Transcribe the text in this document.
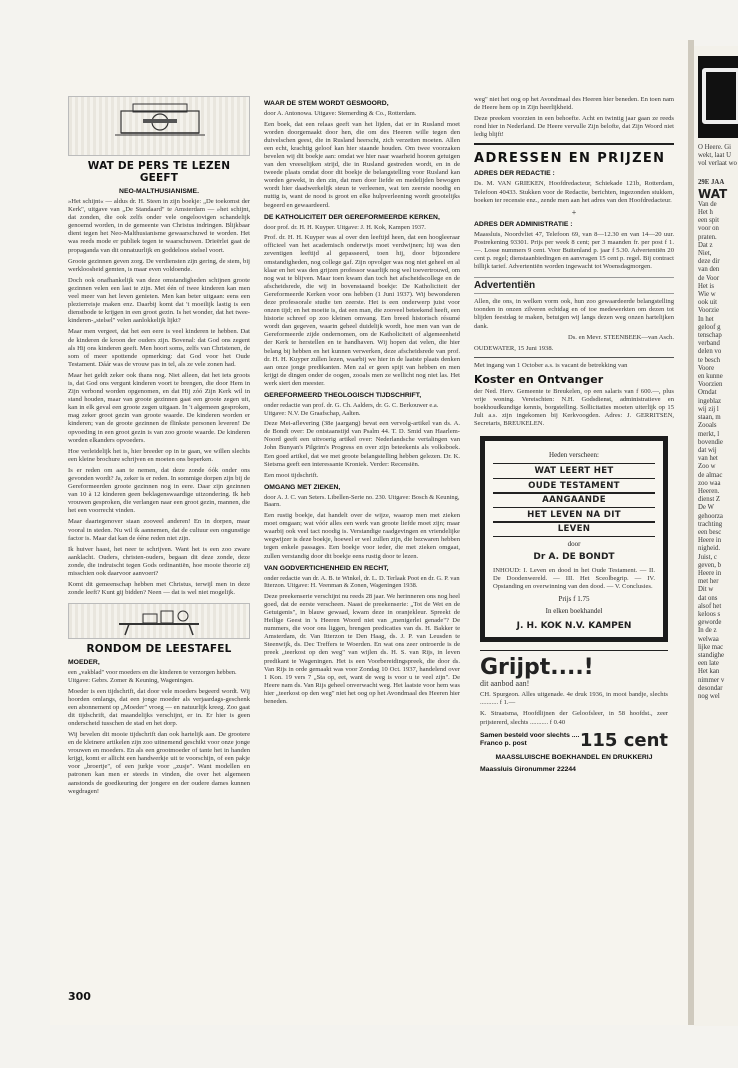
WAT DE PERS TE LEZEN GEEFT
NEO-MALTHUSIANISME.

»Het schijnt« — aldus dr. H. Steen in zijn boekje: „De toekomst der Kerk", uitgave van „De Standaard" te Amsterdam — »het schijnt, dat zonden, die ook zelfs onder vele ongeloovigen schandelijk genoemd worden, in de gemeente van Christus indringen. Blijkbaar dient tegen het Neo-Malthusianisme gewaarschuwd te worden. Het was reeds mode er publiek tegen te waarschuwen. Drieërlei gaat de propaganda van dit onnatuurlijk en goddeloos stelsel voort.

Groote gezinnen geven zorg. De verdiensten zijn gering, de stem, bij werkloosheid gemten, is maar even voldoende.

Doch ook onafhankelijk van deze omstandigheden schijnen groote gezinnen velen een last te zijn. Met één of twee kinderen kan men veel meer van het leven genieten. Men kan beter uitgaan: eens een plezierreisje maken enz. Daarbij komt dat 't moeilijk lastig is een dienstbode te krijgen in een groot gezin. Is het wonder, dat het twee-kinderen-„stelsel" velen aanlokkelijk lijkt?

Maar men vergeet, dat het een eere is veel kinderen te hebben. Dat de kinderen de kroon der ouders zijn. Bovenal: dat God ons zegent als Hij ons kinderen geeft. Men hoort soms, zelfs van Christenen, de som of meer spottende opmerking: dat God voor het Oude Testament. Dáár was de vrouw pas in tel, als ze vele zonen had.

Maar het geldt zeker ook thans nog. Niet alleen, dat het iets groots is, dat God ons vergunt kinderen voort te brengen, die door Hem in Zijn verbond worden opgenomen, en dat Hij zóó Zijn Kerk wil in stand houden, maar van groote gezinnen gaat een groote zegen uit, kan in elk geval een groote zegen uitgaan. In 't algemeen gesproken, mag zeker groot gezin van groote waarde. De kinderen worden er kinderen; van de groote gezinnen de flinkste personen leveren! De opvoeding in een groot gezin is van zoo groote waarde. De kinderen worden elkanders opvoeders.

Hoe verleidelijk het is, hier breeder op in te gaan, we willen slechts een kleine brochure schrijven en moeten ons beperken.

Is er reden om aan te nemen, dat deze zonde óók onder ons gevonden wordt? Ja, zeker is er reden. In sommige dorpen zijn bij de Gereformeerden groote gezinnen nog in eere. Daar zijn gezinnen van 10 à 12 kinderen geen beklagenswaardige uitzondering. Ik heb vrouwen gesproken, die verlangen naar een groot gezin, mannen, die het een voorrecht vinden.

Maar daartegenover staan zooveel anderen! En in dorpen, maar vooral in steden. Nu wil ik aannemen, dat de cultuur een ongunstige factor is. Maar dat kan de ééne reden niet zijn.

Ik huiver haast, het neer te schrijven. Want het is een zoo zware aanklacht. Ouders, christen-ouders, begaan dit deze zonde, deze zonde, die indruischt tegen Gods ordinantiën, hoe mooie theorie zij misschien ook daarvoor aanvoert?

Komt dit gemeenschap hebben met Christus, terwijl men in deze zonde leeft? Kunt gij bidden? Neen — dat is wel niet mogelijk.

RONDOM DE LEESTAFEL
MOEDER,

een „vakblad" voor moeders en die kinderen te verzorgen hebben. Uitgave: Gebrs. Zomer & Keuning, Wageningen.

Moeder is een tijdschrift, dat door vele moeders begeerd wordt. Wij hoorden omlangs, dat een jonge moeder als verjaardags-geschenk een abonnement op „Moeder" vroeg — en natuurlijk kreeg. Zoo gaat dit tijdschrift, dat maandelijks verschijnt, er in. Er hier is geen onderscheid tusschen de stad en het dorp.

Wij bevelen dit mooie tijdschrift dan ook hartelijk aan. De grootere en de kleinere artikelen zijn zoo uitnemend geschikt voor onze jonge vrouwen en moeders. En als een grootmoeder of tante het in handen krijgt, komt er allicht een handwerkje uit te voorschijn, of een pakje voor „broertje", of een jurkje voor „zusje". Want modellen en patronen kan men er steeds in vinden, die over het algemeen aanstonds de goedkeuring der jongere en der oudere dames kunnen wegdragen!

WAAR DE STEM WORDT GESMOORD,

door A. Antonowa. Uitgave: Stemerding & Co., Rotterdam.

Een boek, dat een relaas geeft van het lijden, dat er in Rusland moet worden doorgemaakt door hen, die om des Heeren wille tegen den duivelschen geest, die in Rusland heerscht, zich verzetten moeten. Allen een echt, krachtig geloof kan hier staande houden. Om twee voorzaken bevelen wij dit boekje aan: omdat we hier naar waarheid hooren getuigen van den vreeselijken strijd, die in Rusland gestreden wordt, en in de tweede plaats omdat door dit boekje de belangstelling voor Rusland kan worden gewekt, in den zin, dat men door liefde en medelijden bewogen wordt hier daadwerkelijk steun te verleenen, wat ten zeerste noodig en nuttig is, want de nood is groot en elke hulpverleening wordt grootelijks begeerd en gewaardeerd.

DE KATHOLICITEIT DER GEREFORMEERDE KERKEN,

door prof. dr. H. H. Kuyper. Uitgave: J. H. Kok, Kampen 1937.

Prof. dr. H. H. Kuyper was al over den leeftijd heen, dat een hoogleeraar officieel van het academisch onderwijs moet verdwijnen; hij was den zeventigen leeftijd al gepasseerd, toen hij, door bijzondere omstandigheden, nog college gaf. Zijn opvolger was nog niet geheel en al klaar en het was den grijzen professor waarlijk nog wel toevertrouwd, om nog wat te blijven. Maar toen kwam dan toch het afscheidscollege en de afscheidsrede, die wij in bovenstaand boekje: De Katholiciteit der Gereformeerde Kerken voor ons hebben (1 Juni 1937). Wij bewonderen deze professorale studie ten zeerste. Het is een onderwerp juist voor onzen tijd; en het moeite is, dat een man, die zooveel beteekend heeft, een historie schreef op zoo kleinen omvang. Een breed historisch résumé wordt dan gegeven, waarin geheel duidelijk wordt, hoe men van van de Gereformeerde zijde ondernomen, om de Katholiciteit of algemeenheid der Kerk te herstellen en te handhaven. Wij hopen dat velen, die hier belang bij hebben en het kunnen verwerken, deze afscheidsrede van prof. dr. H. H. Kuyper zullen lezen, waarbij we hier in de laatste plaats denken aan onze jonge predikanten. Men zal er geen spijt van hebben en men krijgt de dingen onder de oogen, zooals men ze wellicht nog niet las. Het werk siert den meester.

GEREFORMEERD THEOLOGISCH TIJDSCHRIFT,

onder redactie van prof. dr. G. Ch. Aalders, dr. G. C. Berkouwer e.a. Uitgave: N.V. De Graafschap, Aalten.

Deze Mei-aflevering (38e jaargang) bevat een vervolg-artikel van ds. A. de Bondt over: De ontstaanstijd van Psalm 44. T. D. Smid van Haarlem-Noord geeft een uitvoerig artikel over: Nederlandsche vertalingen van John Bunyan's Pilgrim's Progress en over zijn beteekenis als volksboek. Een goed artikel, dat we met groote belangstelling hebben gelezen. Dr. K. Sietsma geeft een interessante Kroniek. Verder: Recensiën.

Een mooi tijdschrift.

OMGANG MET ZIEKEN,

door A. J. C. van Seters. Libellen-Serie no. 230. Uitgave: Bosch & Keuning, Baarn.

Een rustig boekje, dat handelt over de wijze, waarop men met zieken moet omgaan; wat vóór alles een werk van groote liefde moet zijn; maar waarbij ook veel tact noodig is. Verstandige raadgevingen en vriendelijke wegwijzer is deze boekje, hoewel er wel zullen zijn, die bezwaren hebben tegen enkele passages. Een boekje voor ieder, die met zieken omgaat, zullen verstandig door dit boekje eens rustig door te lezen.

VAN GODVERTICHENHEID EN RECHT,

onder redactie van dr. A. B. te Winkel, dr. L. D. Terlaak Poot en dr. G. P. van Itterzon. Uitgave: H. Veenman & Zonen, Wageningen 1938.

Deze preekenserie verschijnt nu reeds 28 jaar. We herinneren ons nog heel goed, dat de eerste verscheen. Naast de preekenserie: „Tot de Wet en de Getuigenis", in blauw gewaad, kwam deze in oranjekleur. Spreekt de Heilige Geest in 's Heeren Woord niet van „menigerlei genade"? De nummers, die voor ons liggen, brengen predicaties van ds. H. Bakker te Amsterdam, dr. Van Itterzon te Den Haag, ds. J. P. van Leusden te Steenwijk, ds. Dec Treffers te Woerden. En wat ons zeer ontroerde is de preek „teerkost op den weg" van wijlen ds. H. S. van Rijs, in leven predikant te Wageningen. Het is een Voorbereidingspreek, die door ds. Van Rijs in orde gemaakt was voor Zondag 10 Oct. 1937, handelend over 1 Kon. 19 vers 7 „Sta op, eet, want de weg is voor u te veel zijn". De Heere nam ds. Van Rijs geheel onverwacht weg. Het laatste voor hem was hier „teerkost op den weg" niet het oog op het Avondmaal des Heeren hier beneden.

weg" niet het oog op het Avondmaal des Heeren hier beneden. En toen nam de Heere hem op in Zijn heerlijkheid.

Deze preeken voorzien in een behoefte. Acht en twintig jaar gaan ze reeds rond hier in Nederland. De Heere vervulle Zijn belofte, dat Zijn Woord niet ledig blijft!

ADRESSEN EN PRIJZEN
ADRES DER REDACTIE :

Ds. M. VAN GRIEKEN, Hoofdredacteur, Schiekade 121b, Rotterdam, Telefoon 40433. Stukken voor de Redactie, berichten, ingezonden stukken, boeken ter recensie enz., zende men aan het adres van den Hoofdredacteur.

+
ADRES DER ADMINISTRATIE :

Maassluis, Noordvliet 47, Telefoon 69, van 8—12.30 en van 14—20 uur. Postrekening 93301. Prijs per week 8 cent; per 3 maanden fr. per post f 1.—. Losse nummers 9 cent. Voor Buitenland p. jaar f 5.30. Advertentiën 20 cent p. regel; dienstaanbiedingen en aanvragen 15 cent p. regel. Bij contract billijk tarief. Advertentiën worden ingewacht tot Woensdagmorgen.

Advertentiën

Allen, die ons, in welken vorm ook, hun zoo gewaardeerde belangstelling toonden in onzen zilveren echtdag en of toe medewerkten om dezen tot blijden feestdag te maken, betuigen wij langs dezen weg onzen hartelijken dank.

Ds. en Mevr. STEENBEEK—van Asch.

OUDEWATER, 15 Juni 1938.

Met ingang van 1 October a.s. is vacant de betrekking van

Koster en Ontvanger

der Ned. Herv. Gemeente te Breukelen, op een salaris van f 600.—, plus vrije woning. Vereischten: N.H. Godsdienst, administratieve en boekhoudkundige kennis, borgstelling. Sollicitaties moeten uiterlijk op 15 Juli a.s. zijn ingekomen bij Kerkvoogden. Adres: J. GERRITSEN, Secretaris, BREUKELEN.

Heden verscheen:
WAT LEERT HET
OUDE TESTAMENT
AANGAANDE
HET LEVEN NA DIT
LEVEN
door
Dr A. DE BONDT

INHOUD: I. Leven en dood in het Oude Testament. — II. De Doodenwereld. — III. Het Sceolbegrip. — IV. Opstanding en overwinning van den dood. — V. Conclusies.

Prijs f 1.75
In elken boekhandel
J. H. KOK N.V. KAMPEN
Grijpt....!
dit aanbod aan!

CH. Spurgeon. Alles uitgenade. 4e druk 1936, in mooi bandje, slechts ........... f 1.—

K. Straatsma, Hoofdlijnen der Geloofsleer, in 58 hoofdst., zeer prijstererd, slechts ........... f 0.40

Samen besteld voor slechts ....
Franco p. post	115 cent
MAASSLUISCHE BOEKHANDEL EN DRUKKERIJ
Maassluis Gironummer 22244
300
O Heere. Gi
wekt, laat U
vol verlaat wo
29E JAA
WAT
Van de
Het h
een spit
voor on
praten.
Dat z
Niet,
deze dir
van den
de Voor
Het is
Wie w
ook uit
Voorzie
In het
geloof g
tenschap
verband
delen vo
te besch
Voore
en kunne
Voorzien
Omdat
ingeblaz
wij zij l
staan, m
Zooals
merkt, l
bovendie
dat wij
van het
Zoo w
de almac
zoo waa
Heeren.
dienst Z
De W
gehoorza
trachting
een besc
Heere in
nigheid.
Juist, c
geven, b
Heere in
met her
Dit w
dat ons
alsof het
keloos s
geworde
In de z
welwaa
lijke mac
standighe
een late
Het kan
nimmer v
desondar
nog wel
